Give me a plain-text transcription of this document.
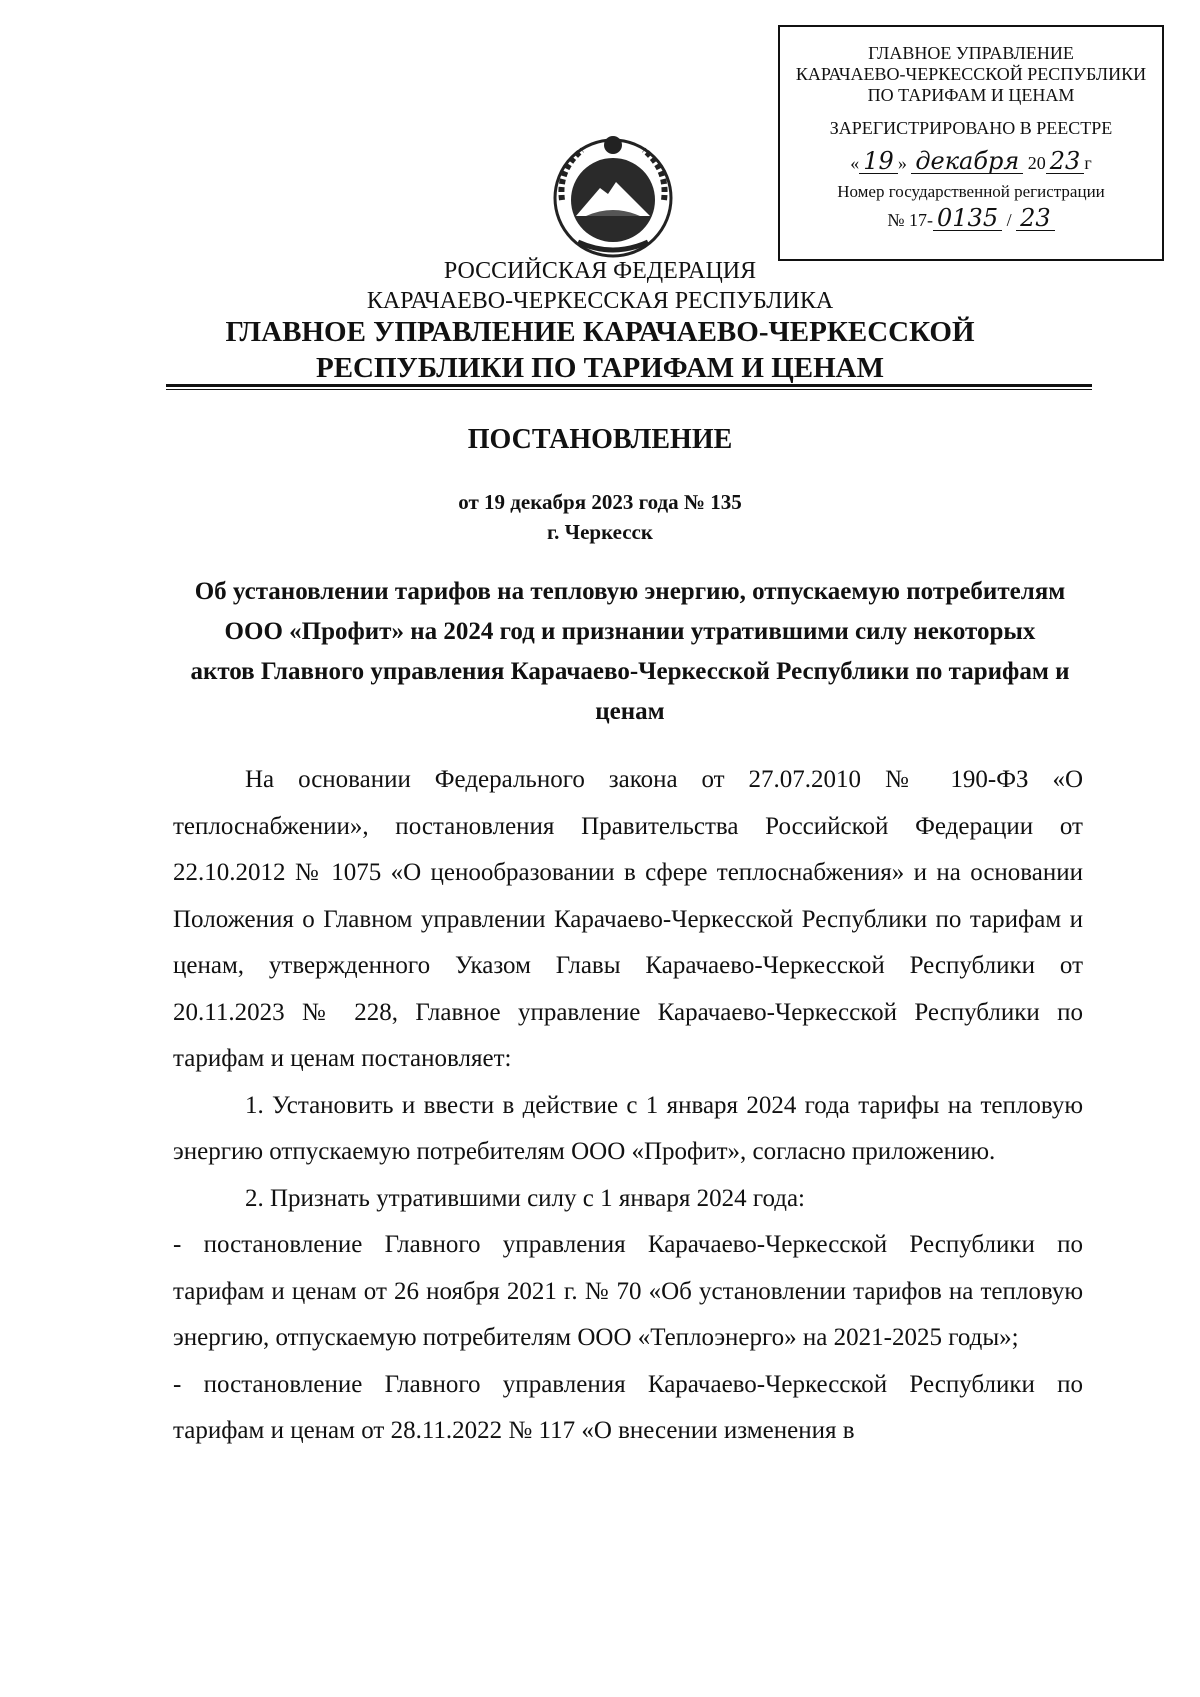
ГЛАВНОЕ УПРАВЛЕНИЕ
КАРАЧАЕВО-ЧЕРКЕССКОЙ РЕСПУБЛИКИ
ПО ТАРИФАМ И ЦЕНАМ
ЗАРЕГИСТРИРОВАНО В РЕЕСТРЕ
« 19 » декабря 20 23 г
Номер государственной регистрации
№ 17- 0135 / 23
РОССИЙСКАЯ ФЕДЕРАЦИЯ
КАРАЧАЕВО-ЧЕРКЕССКАЯ РЕСПУБЛИКА
ГЛАВНОЕ УПРАВЛЕНИЕ КАРАЧАЕВО-ЧЕРКЕССКОЙ
РЕСПУБЛИКИ ПО ТАРИФАМ И ЦЕНАМ
ПОСТАНОВЛЕНИЕ
от 19 декабря 2023 года № 135
г. Черкесск
Об установлении тарифов на тепловую энергию, отпускаемую потребителям ООО «Профит» на 2024 год и признании утратившими силу некоторых актов Главного управления Карачаево-Черкесской Республики по тарифам и ценам

На основании Федерального закона от 27.07.2010 № 190-ФЗ «О теплоснабжении», постановления Правительства Российской Федерации от 22.10.2012 № 1075 «О ценообразовании в сфере теплоснабжения» и на основании Положения о Главном управлении Карачаево-Черкесской Республики по тарифам и ценам, утвержденного Указом Главы Карачаево-Черкесской Республики от 20.11.2023 № 228, Главное управление Карачаево-Черкесской Республики по тарифам и ценам постановляет:

1. Установить и ввести в действие с 1 января 2024 года тарифы на тепловую энергию отпускаемую потребителям ООО «Профит», согласно приложению.

2. Признать утратившими силу с 1 января 2024 года:

- постановление Главного управления Карачаево-Черкесской Республики по тарифам и ценам от 26 ноября 2021 г. № 70 «Об установлении тарифов на тепловую энергию, отпускаемую потребителям ООО «Теплоэнерго» на 2021-2025 годы»;

- постановление Главного управления Карачаево-Черкесской Республики по тарифам и ценам от 28.11.2022 № 117 «О внесении изменения в
